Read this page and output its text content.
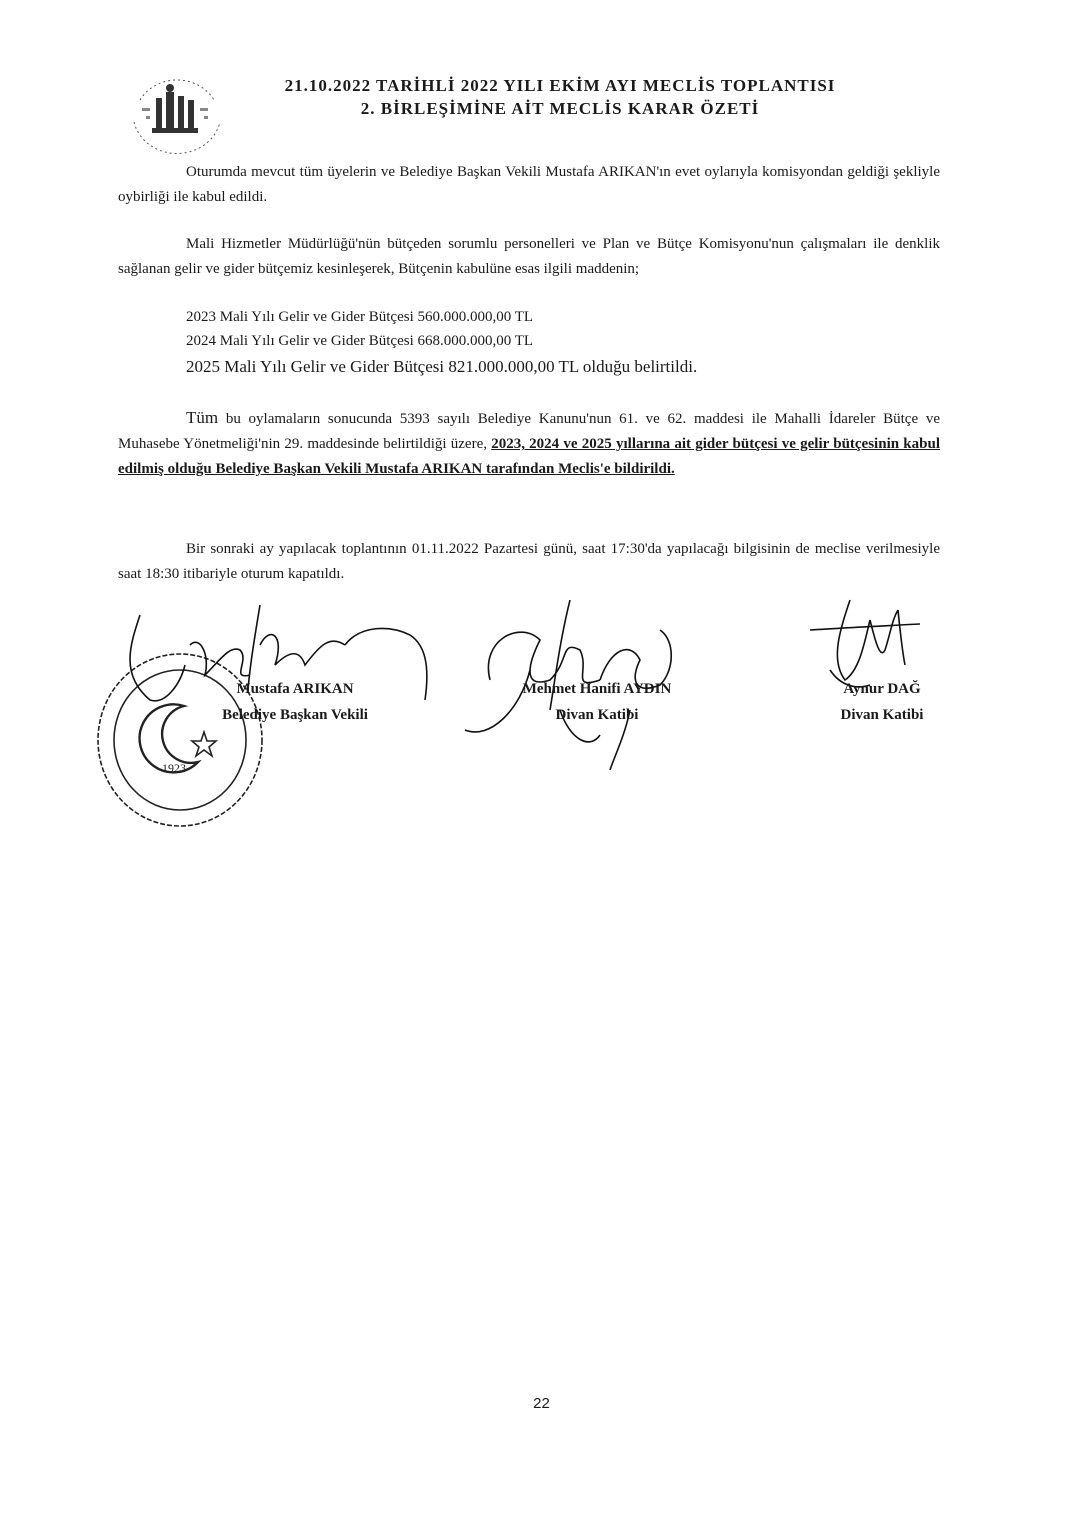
21.10.2022 TARİHLİ 2022 YILI EKİM AYI MECLİS TOPLANTISI
2. BİRLEŞİMİNE AİT MECLİS KARAR ÖZETİ

Oturumda mevcut tüm üyelerin ve Belediye Başkan Vekili Mustafa ARIKAN'ın evet oylarıyla komisyondan geldiği şekliyle oybirliği ile kabul edildi.

Mali Hizmetler Müdürlüğü'nün bütçeden sorumlu personelleri ve Plan ve Bütçe Komisyonu'nun çalışmaları ile denklik sağlanan gelir ve gider bütçemiz kesinleşerek, Bütçenin kabulüne esas ilgili maddenin;

2023 Mali Yılı Gelir ve Gider Bütçesi 560.000.000,00 TL
2024 Mali Yılı Gelir ve Gider Bütçesi 668.000.000,00 TL
2025 Mali Yılı Gelir ve Gider Bütçesi 821.000.000,00 TL olduğu belirtildi.

Tüm bu oylamaların sonucunda 5393 sayılı Belediye Kanunu'nun 61. ve 62. maddesi ile Mahalli İdareler Bütçe ve Muhasebe Yönetmeliği'nin 29. maddesinde belirtildiği üzere, 2023, 2024 ve 2025 yıllarına ait gider bütçesi ve gelir bütçesinin kabul edilmiş olduğu Belediye Başkan Vekili Mustafa ARIKAN tarafından Meclis'e bildirildi.

Bir sonraki ay yapılacak toplantının 01.11.2022 Pazartesi günü, saat 17:30'da yapılacağı bilgisinin de meclise verilmesiyle saat 18:30 itibariyle oturum kapatıldı.

1923
Mustafa ARIKAN
Belediye Başkan Vekili
Mehmet Hanifi AYDIN
Divan Katibi
Aynur DAĞ
Divan Katibi
22
